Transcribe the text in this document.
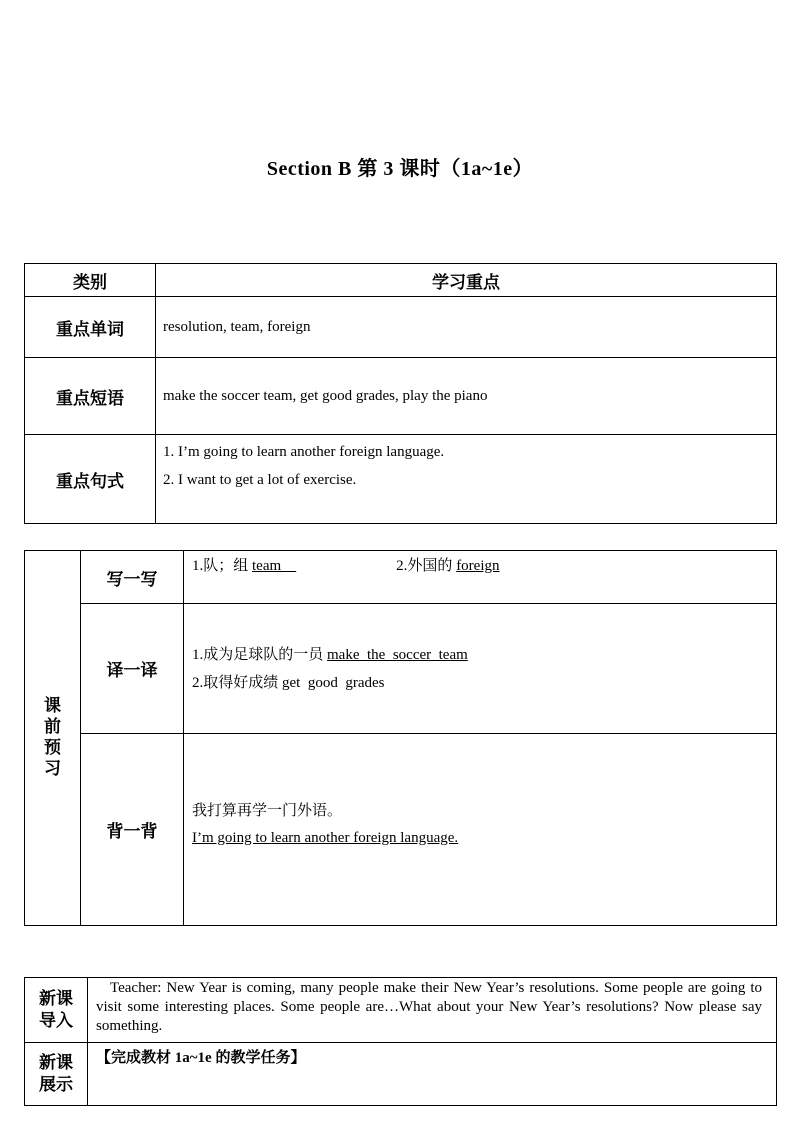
Section B 第 3 课时（1a~1e）
类别	学习重点
重点单词	resolution, team, foreign
重点短语	make the soccer team, get good grades, play the piano
重点句式	1. I’m going to learn another foreign language.
2. I want to get a lot of exercise.
课前预习	写一写	1.队；组 team 2.外国的 foreign
	译一译	1.成为足球队的一员 make  the  soccer  team
2.取得好成绩 get  good  grades

	背一背	我打算再学一门外语。
I’m going to learn another foreign language.
新课导入	Teacher: New Year is coming, many people make their New Year’s resolutions. Some people are going to visit some interesting places. Some people are…What about your New Year’s resolutions? Now please say something.

新课展示	【完成教材 1a~1e 的教学任务】
